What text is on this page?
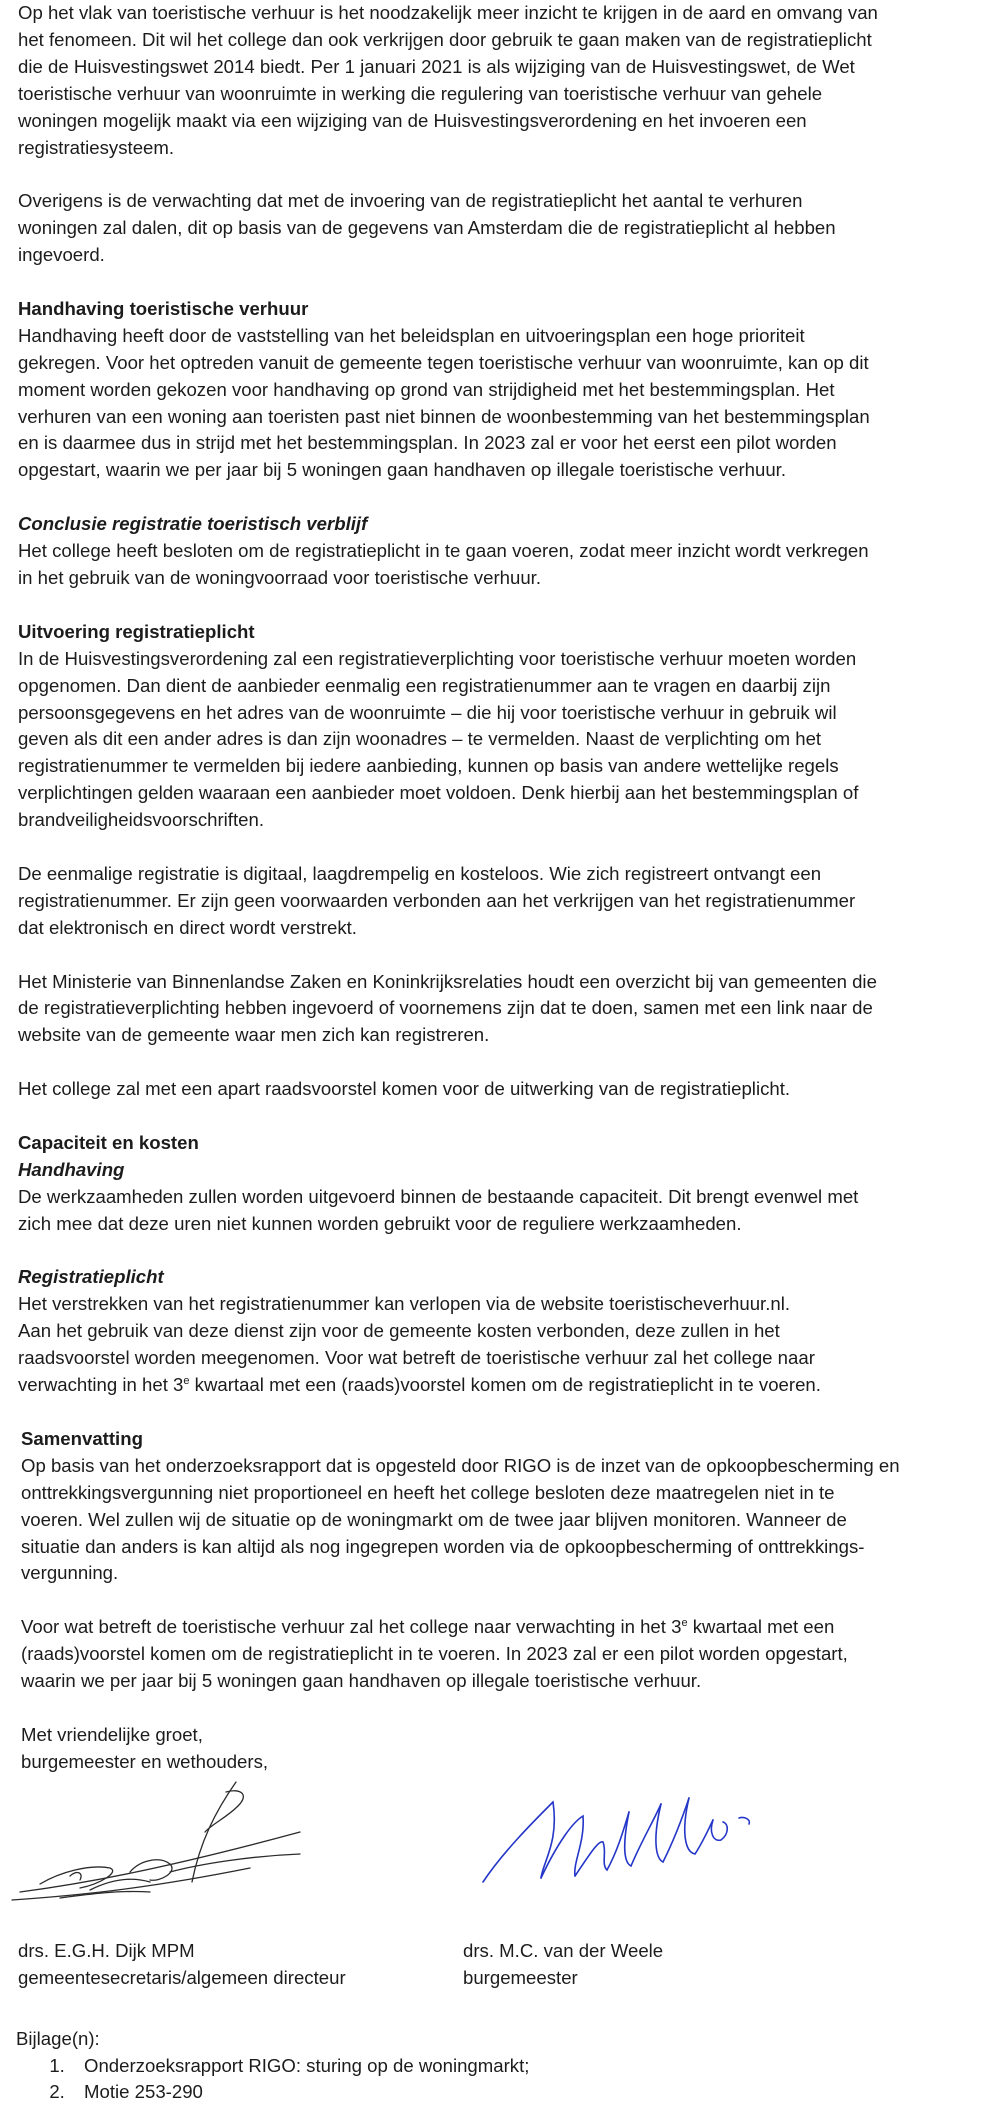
Op het vlak van toeristische verhuur is het noodzakelijk meer inzicht te krijgen in de aard en omvang van

het fenomeen. Dit wil het college dan ook verkrijgen door gebruik te gaan maken van de registratieplicht

die de Huisvestingswet 2014 biedt. Per 1 januari 2021 is als wijziging van de Huisvestingswet, de Wet

toeristische verhuur van woonruimte in werking die regulering van toeristische verhuur van gehele

woningen mogelijk maakt via een wijziging van de Huisvestingsverordening en het invoeren een

registratiesysteem.

Overigens is de verwachting dat met de invoering van de registratieplicht het aantal te verhuren

woningen zal dalen, dit op basis van de gegevens van Amsterdam die de registratieplicht al hebben

ingevoerd.

Handhaving toeristische verhuur

Handhaving heeft door de vaststelling van het beleidsplan en uitvoeringsplan een hoge prioriteit

gekregen. Voor het optreden vanuit de gemeente tegen toeristische verhuur van woonruimte, kan op dit

moment worden gekozen voor handhaving op grond van strijdigheid met het bestemmingsplan. Het

verhuren van een woning aan toeristen past niet binnen de woonbestemming van het bestemmingsplan

en is daarmee dus in strijd met het bestemmingsplan. In 2023 zal er voor het eerst een pilot worden

opgestart, waarin we per jaar bij 5 woningen gaan handhaven op illegale toeristische verhuur.

Conclusie registratie toeristisch verblijf

Het college heeft besloten om de registratieplicht in te gaan voeren, zodat meer inzicht wordt verkregen

in het gebruik van de woningvoorraad voor toeristische verhuur.

Uitvoering registratieplicht

In de Huisvestingsverordening zal een registratieverplichting voor toeristische verhuur moeten worden

opgenomen. Dan dient de aanbieder eenmalig een registratienummer aan te vragen en daarbij zijn

persoonsgegevens en het adres van de woonruimte – die hij voor toeristische verhuur in gebruik wil

geven als dit een ander adres is dan zijn woonadres – te vermelden. Naast de verplichting om het

registratienummer te vermelden bij iedere aanbieding, kunnen op basis van andere wettelijke regels

verplichtingen gelden waaraan een aanbieder moet voldoen. Denk hierbij aan het bestemmingsplan of

brandveiligheidsvoorschriften.

De eenmalige registratie is digitaal, laagdrempelig en kosteloos. Wie zich registreert ontvangt een

registratienummer. Er zijn geen voorwaarden verbonden aan het verkrijgen van het registratienummer

dat elektronisch en direct wordt verstrekt.

Het Ministerie van Binnenlandse Zaken en Koninkrijksrelaties houdt een overzicht bij van gemeenten die

de registratieverplichting hebben ingevoerd of voornemens zijn dat te doen, samen met een link naar de

website van de gemeente waar men zich kan registreren.

Het college zal met een apart raadsvoorstel komen voor de uitwerking van de registratieplicht.

Capaciteit en kosten

Handhaving

De werkzaamheden zullen worden uitgevoerd binnen de bestaande capaciteit. Dit brengt evenwel met

zich mee dat deze uren niet kunnen worden gebruikt voor de reguliere werkzaamheden.

Registratieplicht

Het verstrekken van het registratienummer kan verlopen via de website toeristischeverhuur.nl.

Aan het gebruik van deze dienst zijn voor de gemeente kosten verbonden, deze zullen in het

raadsvoorstel worden meegenomen. Voor wat betreft de toeristische verhuur zal het college naar

verwachting in het 3e kwartaal met een (raads)voorstel komen om de registratieplicht in te voeren.

Samenvatting

Op basis van het onderzoeksrapport dat is opgesteld door RIGO is de inzet van de opkoopbescherming en

onttrekkingsvergunning niet proportioneel en heeft het college besloten deze maatregelen niet in te

voeren. Wel zullen wij de situatie op de woningmarkt om de twee jaar blijven monitoren. Wanneer de

situatie dan anders is kan altijd als nog ingegrepen worden via de opkoopbescherming of onttrekkings-

vergunning.

Voor wat betreft de toeristische verhuur zal het college naar verwachting in het 3e kwartaal met een

(raads)voorstel komen om de registratieplicht in te voeren. In 2023 zal er een pilot worden opgestart,

waarin we per jaar bij 5 woningen gaan handhaven op illegale toeristische verhuur.

Met vriendelijke groet,

burgemeester en wethouders,

drs. E.G.H. Dijk MPM
gemeentesecretaris/algemeen directeur
drs. M.C. van der Weele
burgemeester

Bijlage(n):

1. Onderzoeksrapport RIGO: sturing op de woningmarkt;
2. Motie 253-290
